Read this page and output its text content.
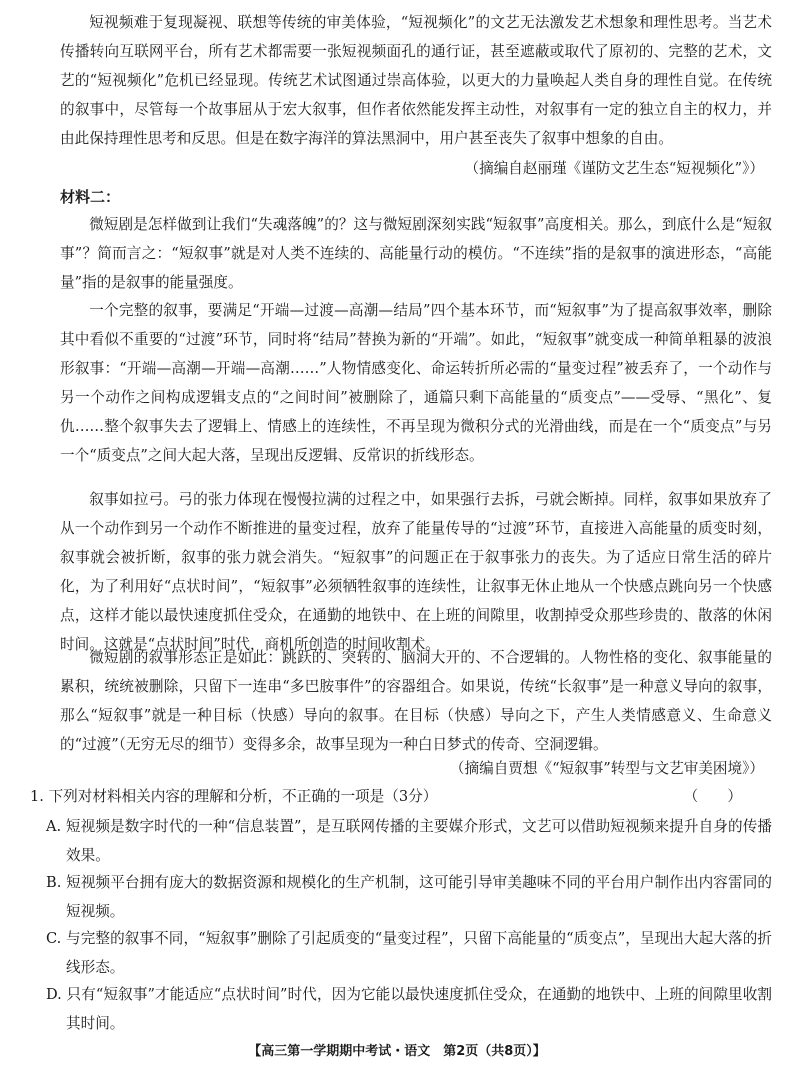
短视频难于复现凝视、联想等传统的审美体验，“短视频化”的文艺无法激发艺术想象和理性思考。当艺术传播转向互联网平台，所有艺术都需要一张短视频面孔的通行证，甚至遮蔽或取代了原初的、完整的艺术，文艺的“短视频化”危机已经显现。传统艺术试图通过崇高体验，以更大的力量唤起人类自身的理性自觉。在传统的叙事中，尽管每一个故事屈从于宏大叙事，但作者依然能发挥主动性，对叙事有一定的独立自主的权力，并由此保持理性思考和反思。但是在数字海洋的算法黑洞中，用户甚至丧失了叙事中想象的自由。
（摘编自赵丽瑾《谨防文艺生态“短视频化”》）
材料二：
微短剧是怎样做到让我们“失魂落魄”的？这与微短剧深刻实践“短叙事”高度相关。那么，到底什么是“短叙事”？简而言之：“短叙事”就是对人类不连续的、高能量行动的模仿。“不连续”指的是叙事的演进形态，“高能量”指的是叙事的能量强度。
一个完整的叙事，要满足“开端—过渡—高潮—结局”四个基本环节，而“短叙事”为了提高叙事效率，删除其中看似不重要的“过渡”环节，同时将“结局”替换为新的“开端”。如此，“短叙事”就变成一种简单粗暴的波浪形叙事：“开端—高潮—开端—高潮……”人物情感变化、命运转折所必需的“量变过程”被丢弃了，一个动作与另一个动作之间构成逻辑支点的“之间时间”被删除了，通篇只剩下高能量的“质变点”——受辱、“黑化”、复仇……整个叙事失去了逻辑上、情感上的连续性，不再呈现为微积分式的光滑曲线，而是在一个“质变点”与另一个“质变点”之间大起大落，呈现出反逻辑、反常识的折线形态。
叙事如拉弓。弓的张力体现在慢慢拉满的过程之中，如果强行去拆，弓就会断掉。同样，叙事如果放弃了从一个动作到另一个动作不断推进的量变过程，放弃了能量传导的“过渡”环节，直接进入高能量的质变时刻，叙事就会被折断，叙事的张力就会消失。“短叙事”的问题正在于叙事张力的丧失。为了适应日常生活的碎片化，为了利用好“点状时间”，“短叙事”必须牺牲叙事的连续性，让叙事无休止地从一个快感点跳向另一个快感点，这样才能以最快速度抓住受众，在通勤的地铁中、在上班的间隙里，收割掉受众那些珍贵的、散落的休闲时间。这就是“点状时间”时代，商机所创造的时间收割术。
微短剧的叙事形态正是如此：跳跃的、突转的、脑洞大开的、不合逻辑的。人物性格的变化、叙事能量的累积，统统被删除，只留下一连串“多巴胺事件”的容器组合。如果说，传统“长叙事”是一种意义导向的叙事，那么“短叙事”就是一种目标（快感）导向的叙事。在目标（快感）导向之下，产生人类情感意义、生命意义的“过渡”（无穷无尽的细节）变得多余，故事呈现为一种白日梦式的传奇、空洞逻辑。
（摘编自贾想《“短叙事”转型与文艺审美困境》）
1. 下列对材料相关内容的理解和分析，不正确的一项是（3分）	（　　）
A. 短视频是数字时代的一种“信息装置”，是互联网传播的主要媒介形式，文艺可以借助短视频来提升自身的传播效果。
B. 短视频平台拥有庞大的数据资源和规模化的生产机制，这可能引导审美趣味不同的平台用户制作出内容雷同的短视频。
C. 与完整的叙事不同，“短叙事”删除了引起质变的“量变过程”，只留下高能量的“质变点”，呈现出大起大落的折线形态。
D. 只有“短叙事”才能适应“点状时间”时代，因为它能以最快速度抓住受众，在通勤的地铁中、上班的间隙里收割其时间。
【高三第一学期期中考试・语文　第2页（共8页）】
